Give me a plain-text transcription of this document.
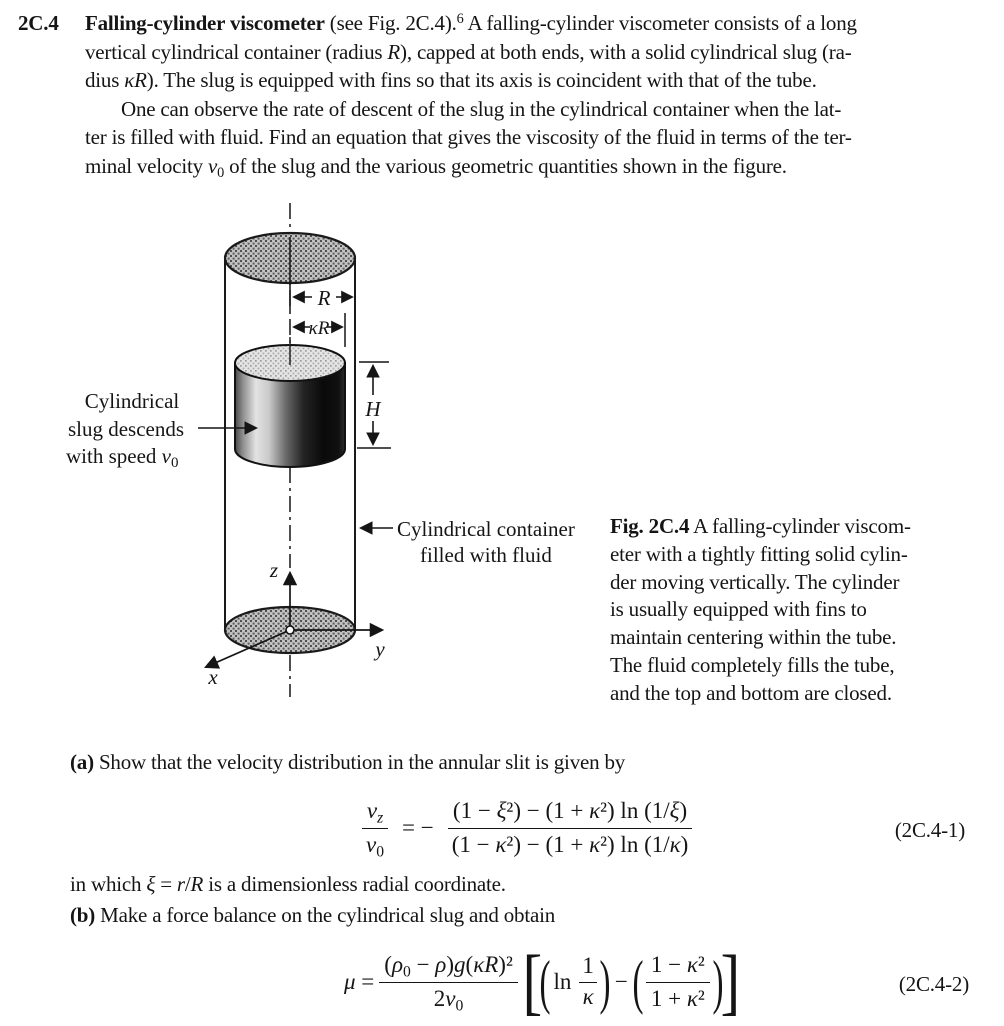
2C.4 Falling-cylinder viscometer (see Fig. 2C.4).$^6$ A falling-cylinder viscometer consists of a long
vertical cylindrical container (radius R), capped at both ends, with a solid cylindrical slug (ra-
dius κR). The slug is equipped with fins so that its axis is coincident with that of the tube.
One can observe the rate of descent of the slug in the cylindrical container when the lat-
ter is filled with fluid. Find an equation that gives the viscosity of the fluid in terms of the ter-
minal velocity $v_0$ of the slug and the various geometric quantities shown in the figure.
R
κR
H
Cylindrical
slug descends
with speed v0
Cylindrical container
filled with fluid
z
y
x
Fig. 2C.4 A falling-cylinder viscom-
eter with a tightly fitting solid cylin-
der moving vertically. The cylinder
is usually equipped with fins to
maintain centering within the tube.
The fluid completely fills the tube,
and the top and bottom are closed.
(a) Show that the velocity distribution in the annular slit is given by
$\frac{v_z}{v_0}$ = − $\frac{\text{(1 − ξ²) − (1 + κ²) ln (1/ξ)}}{\text{(1 − κ²) − (1 + κ²) ln (1/κ)}}$	(2C.4-1)
in which ξ = r/R is a dimensionless radial coordinate.
(b) Make a force balance on the cylindrical slug and obtain
$\mu = \frac{(\rho_0 - \rho)g(\kappa R)^2}{2v_0}$ [
( $\ln \frac{1}{\kappa}$ ) − ( $\frac{\text{1 − κ²}}{\text{1 + κ²}}$ )
]	(2C.4-2)
